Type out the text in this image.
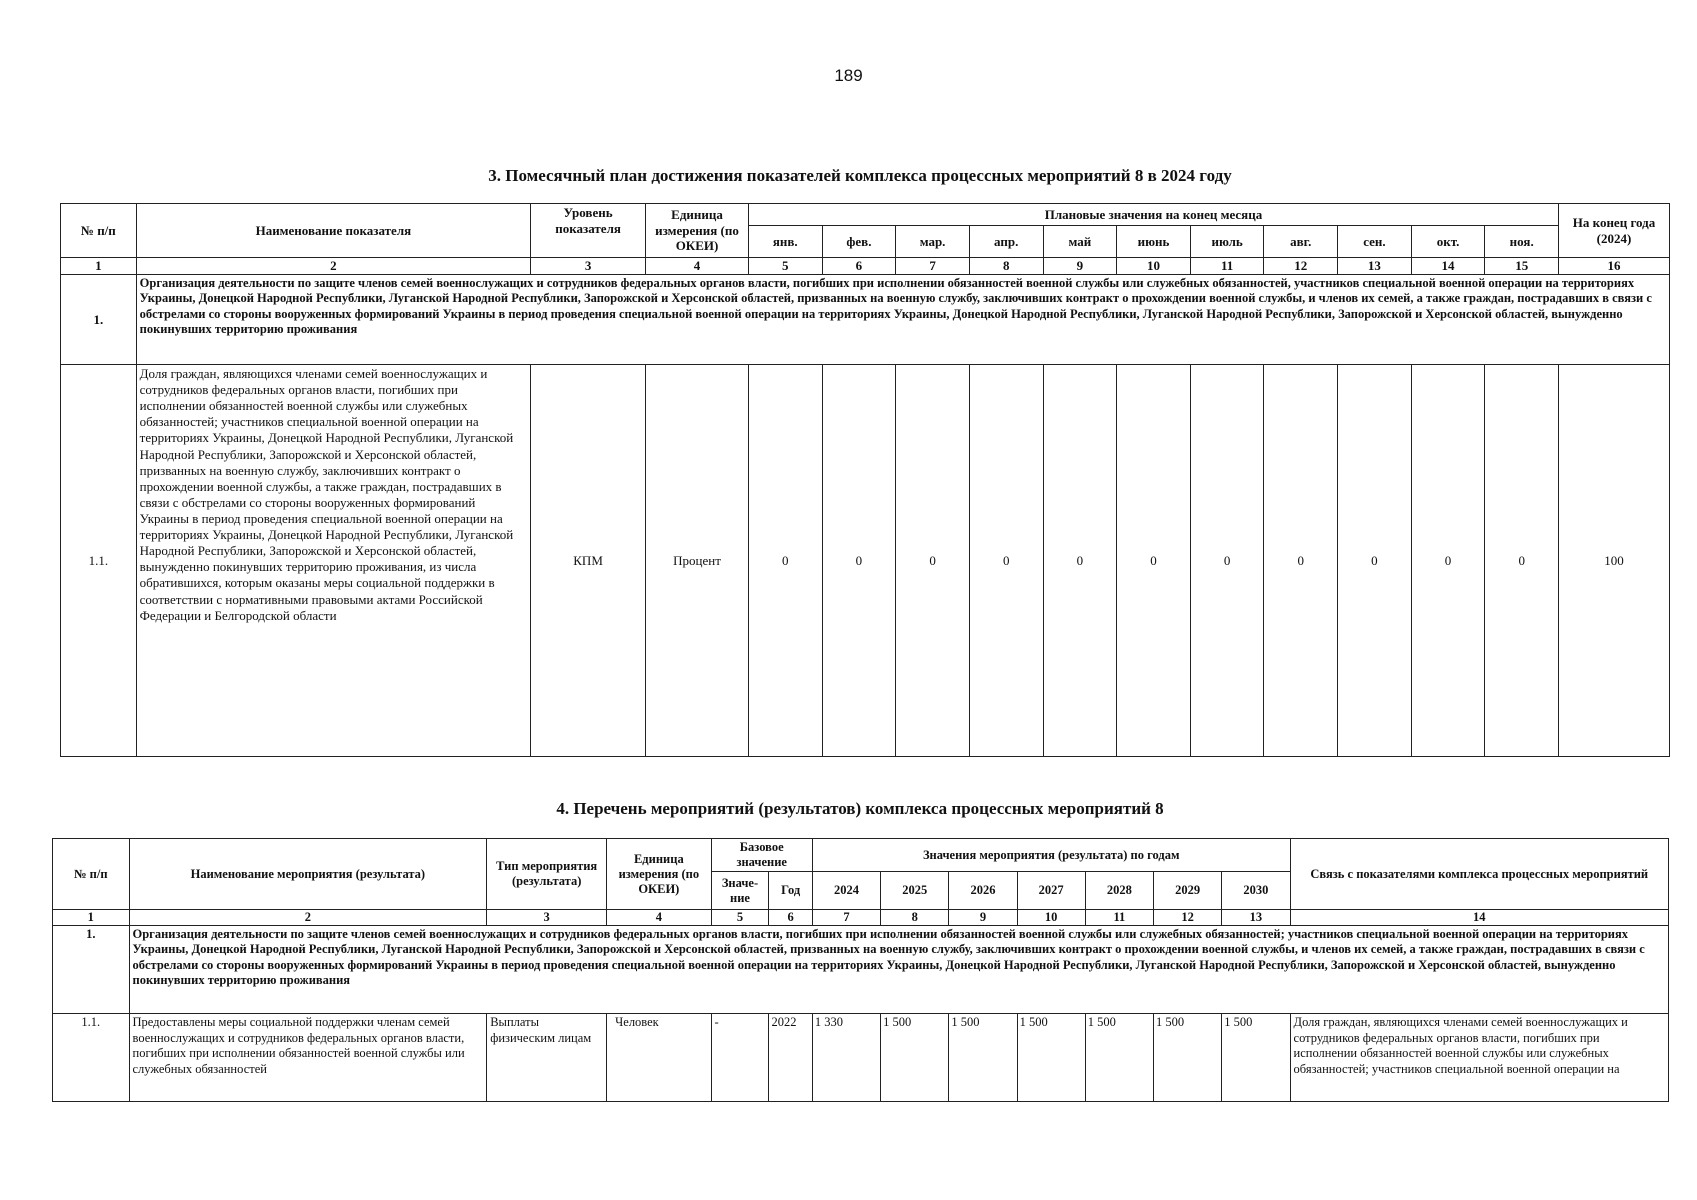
189
3. Помесячный план достижения показателей комплекса процессных мероприятий 8 в 2024 году
№ п/п	Наименование показателя	Уровень показателя	Единица измерения (по ОКЕИ)	Плановые значения на конец месяца											На конец года (2024)
				янв.	фев.	мар.	апр.	май	июнь	июль	авг.	сен.	окт.	ноя.	
1	2	3	4	5	6	7	8	9	10	11	12	13	14	15	16
1.	Организация деятельности по защите членов семей военнослужащих и сотрудников федеральных органов власти, погибших при исполнении обязанностей военной службы или служебных обязанностей, участников специальной военной операции на территориях Украины, Донецкой Народной Республики, Луганской Народной Республики, Запорожской и Херсонской областей, призванных на военную службу, заключивших контракт о прохождении военной службы, и членов их семей, а также граждан, пострадавших в связи с обстрелами со стороны вооруженных формирований Украины в период проведения специальной военной операции на территориях Украины, Донецкой Народной Республики, Луганской Народной Республики, Запорожской и Херсонской областей, вынужденно покинувших территорию проживания														
1.1.	Доля граждан, являющихся членами семей военнослужащих и сотрудников федеральных органов власти, погибших при исполнении обязанностей военной службы или служебных обязанностей; участников специальной военной операции на территориях Украины, Донецкой Народной Республики, Луганской Народной Республики, Запорожской и Херсонской областей, призванных на военную службу, заключивших контракт о прохождении военной службы, а также граждан, пострадавших в связи с обстрелами со стороны вооруженных формирований Украины в период проведения специальной военной операции на территориях Украины, Донецкой Народной Республики, Луганской Народной Республики, Запорожской и Херсонской областей, вынужденно покинувших территорию проживания, из числа обратившихся, которым оказаны меры социальной поддержки в соответствии с нормативными правовыми актами Российской Федерации и Белгородской области	КПМ	Процент	0	0	0	0	0	0	0	0	0	0	0	100
4. Перечень мероприятий (результатов) комплекса процессных мероприятий 8
№ п/п	Наименование мероприятия (результата)	Тип мероприятия (результата)	Единица измерения (по ОКЕИ)	Базовое значение		Значения мероприятия (результата) по годам							Связь с показателями комплекса процессных мероприятий
				Значе-ние	Год	2024	2025	2026	2027	2028	2029	2030	
1	2	3	4	5	6	7	8	9	10	11	12	13	14
1.	Организация деятельности по защите членов семей военнослужащих и сотрудников федеральных органов власти, погибших при исполнении обязанностей военной службы или служебных обязанностей; участников специальной военной операции на территориях Украины, Донецкой Народной Республики, Луганской Народной Республики, Запорожской и Херсонской областей, призванных на военную службу, заключивших контракт о прохождении военной службы, и членов их семей, а также граждан, пострадавших в связи с обстрелами со стороны вооруженных формирований Украины в период проведения специальной военной операции на территориях Украины, Донецкой Народной Республики, Луганской Народной Республики, Запорожской и Херсонской областей, вынужденно покинувших территорию проживания												
1.1.	Предоставлены меры социальной поддержки членам семей военнослужащих и сотрудников федеральных органов власти, погибших при исполнении обязанностей военной службы или служебных обязанностей	Выплаты физическим лицам	Человек	-	2022	1 330	1 500	1 500	1 500	1 500	1 500	1 500	Доля граждан, являющихся членами семей военнослужащих и сотрудников федеральных органов власти, погибших при исполнении обязанностей военной службы или служебных обязанностей; участников специальной военной операции на
